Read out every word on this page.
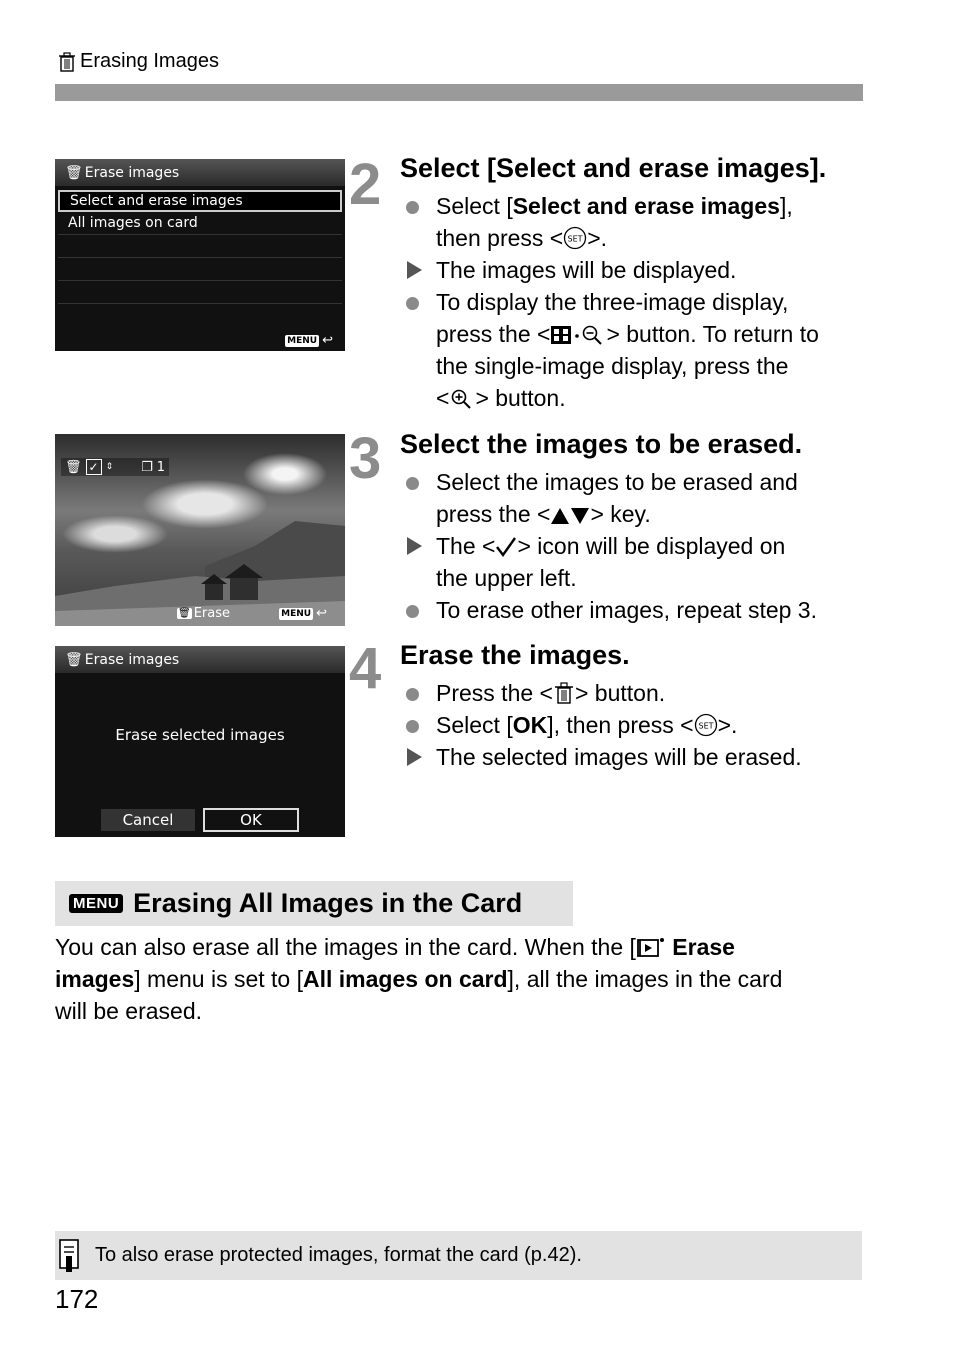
Erasing Images
🗑 Erase images
Select and erase images
All images on card
MENU ↩
2 Select [Select and erase images].
Select [Select and erase images],
then press < SET >.
The images will be displayed.
To display the three-image display,
press the < > button. To return to
the single-image display, press the
< > button.
🗑 ✓ ⇕ ❐ 1
🗑 Erase	MENU ↩
3 Select the images to be erased.
Select the images to be erased and
press the < > key.
The < > icon will be displayed on
the upper left.
To erase other images, repeat step 3.
🗑 Erase images
Erase selected images
Cancel	OK
4 Erase the images.
Press the < > button.
Select [OK], then press < SET >.
The selected images will be erased.
MENU Erasing All Images in the Card
You can also erase all the images in the card. When the [ Erase
images] menu is set to [All images on card], all the images in the card
will be erased.
To also erase protected images, format the card (p.42).
172
